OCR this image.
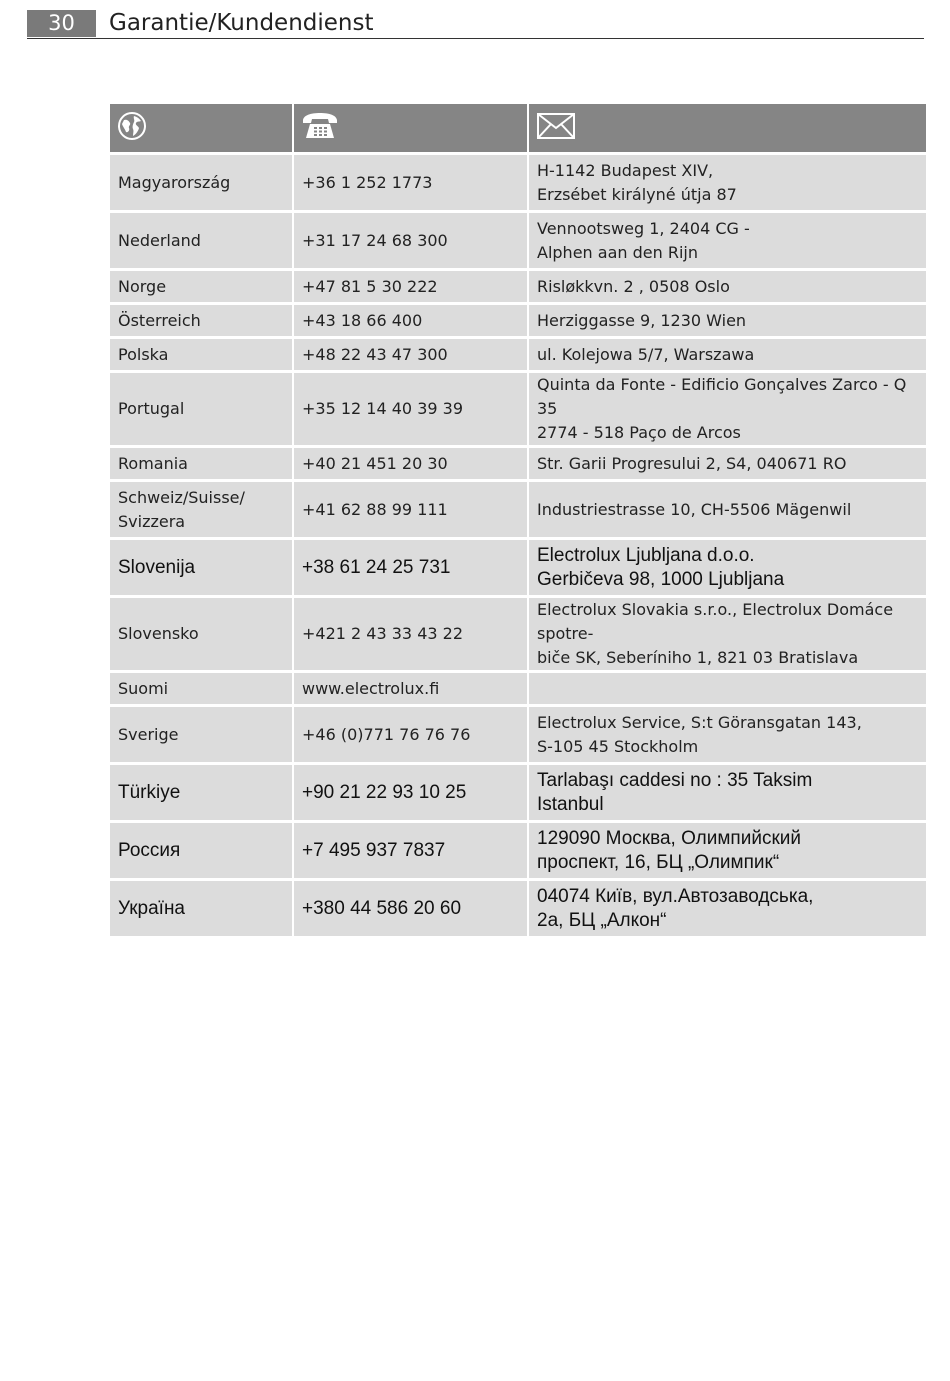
30	Garantie/Kundendienst

Magyarország	+36 1 252 1773	H-1142 Budapest XIV,
Erzsébet királyné útja 87

Nederland	+31 17 24 68 300	Vennootsweg 1, 2404 CG -
Alphen aan den Rijn

Norge	+47 81 5 30 222	Risløkkvn. 2 , 0508 Oslo

Österreich	+43 18 66 400	Herziggasse 9, 1230 Wien

Polska	+48 22 43 47 300	ul. Kolejowa 5/7, Warszawa

Portugal	+35 12 14 40 39 39	Quinta da Fonte - Edificio Gonçalves Zarco - Q 35
2774 - 518 Paço de Arcos

Romania	+40 21 451 20 30	Str. Garii Progresului 2, S4, 040671 RO

Schweiz/Suisse/ Svizzera	+41 62 88 99 111	Industriestrasse 10, CH-5506 Mägenwil

Slovenija	+38 61 24 25 731	Electrolux Ljubljana d.o.o.
Gerbičeva 98, 1000 Ljubljana

Slovensko	+421 2 43 33 43 22	Electrolux Slovakia s.r.o., Electrolux Domáce spotre-
biče SK, Seberíniho 1, 821 03 Bratislava

Suomi	www.electrolux.fi	
Sverige	+46 (0)771 76 76 76	Electrolux Service, S:t Göransgatan 143,
S-105 45 Stockholm

Türkiye	+90 21 22 93 10 25	Tarlabaşı caddesi no : 35 Taksim
Istanbul

Россия	+7 495 937 7837	129090 Москва, Олимпийский
проспект, 16, БЦ „Олимпик“

Україна	+380 44 586 20 60	04074 Київ, вул.Автозаводська,
2а, БЦ „Алкон“
